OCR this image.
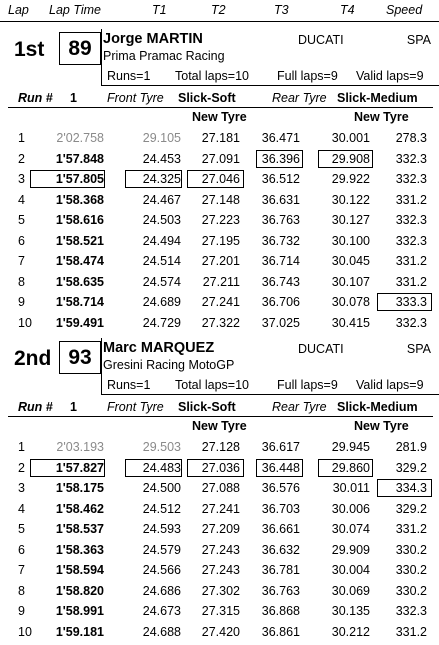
Lap Lap Time	T1	T2	T3	T4	Speed
1st	89 Jorge MARTIN
Prima Pramac Racing
DUCATI	SPA
Runs=1 Total laps=10 Full laps=9 Valid laps=9
Run # 1 Front Tyre Slick-Soft	Rear Tyre Slick-Medium
New Tyre	New Tyre
1	2'02.758	29.105 27.181 36.471	30.001 278.3
2 1'57.848	24.453 27.091 36.396	29.908 332.3
3 1'57.805	24.325 27.046 36.512	29.922 332.3
4 1'58.368	24.467 27.148 36.631	30.122 331.2
5 1'58.616	24.503 27.223 36.763	30.127 332.3
6 1'58.521	24.494 27.195 36.732	30.100 332.3
7 1'58.474	24.514 27.201 36.714	30.045 331.2
8 1'58.635	24.574 27.211 36.743	30.107 331.2
9 1'58.714	24.689 27.241 36.706	30.078 333.3
10 1'59.491	24.729 27.322 37.025	30.415 332.3
2nd 93 Marc MARQUEZ
Gresini Racing MotoGP
DUCATI	SPA
Runs=1 Total laps=10 Full laps=9 Valid laps=9
Run # 1 Front Tyre Slick-Soft	Rear Tyre Slick-Medium
New Tyre	New Tyre
1	2'03.193	29.503 27.128 36.617	29.945 281.9
2 1'57.827	24.483 27.036 36.448	29.860 329.2
3 1'58.175	24.500 27.088 36.576	30.011 334.3
4 1'58.462	24.512 27.241 36.703	30.006 329.2
5 1'58.537	24.593 27.209 36.661	30.074 331.2
6 1'58.363	24.579 27.243 36.632	29.909 330.2
7 1'58.594	24.566 27.243 36.781	30.004 330.2
8 1'58.820	24.686 27.302 36.763	30.069 330.2
9 1'58.991	24.673 27.315 36.868	30.135 332.3
10 1'59.181	24.688 27.420 36.861	30.212 331.2
